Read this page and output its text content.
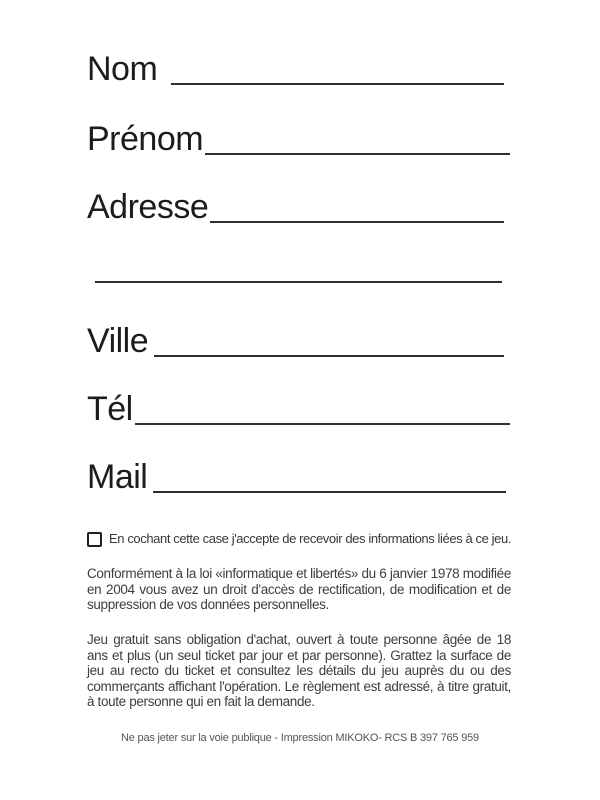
Nom
Prénom
Adresse
Ville
Tél
Mail
En cochant cette case j'accepte de recevoir des informations liées à ce jeu.

Conformément à la loi «informatique et libertés» du 6 janvier 1978 modifiée en 2004 vous avez un droit d'accès de rectification, de modification et de suppression de vos données personnelles.

Jeu gratuit sans obligation d'achat, ouvert à toute personne âgée de 18 ans et plus (un seul ticket par jour et par personne). Grattez la surface de jeu au recto du ticket et consultez les détails du jeu auprès du ou des commerçants affichant l'opération. Le règlement est adressé, à titre gratuit, à toute personne qui en fait la demande.

Ne pas jeter sur la voie publique - Impression MIKOKO- RCS B 397 765 959
